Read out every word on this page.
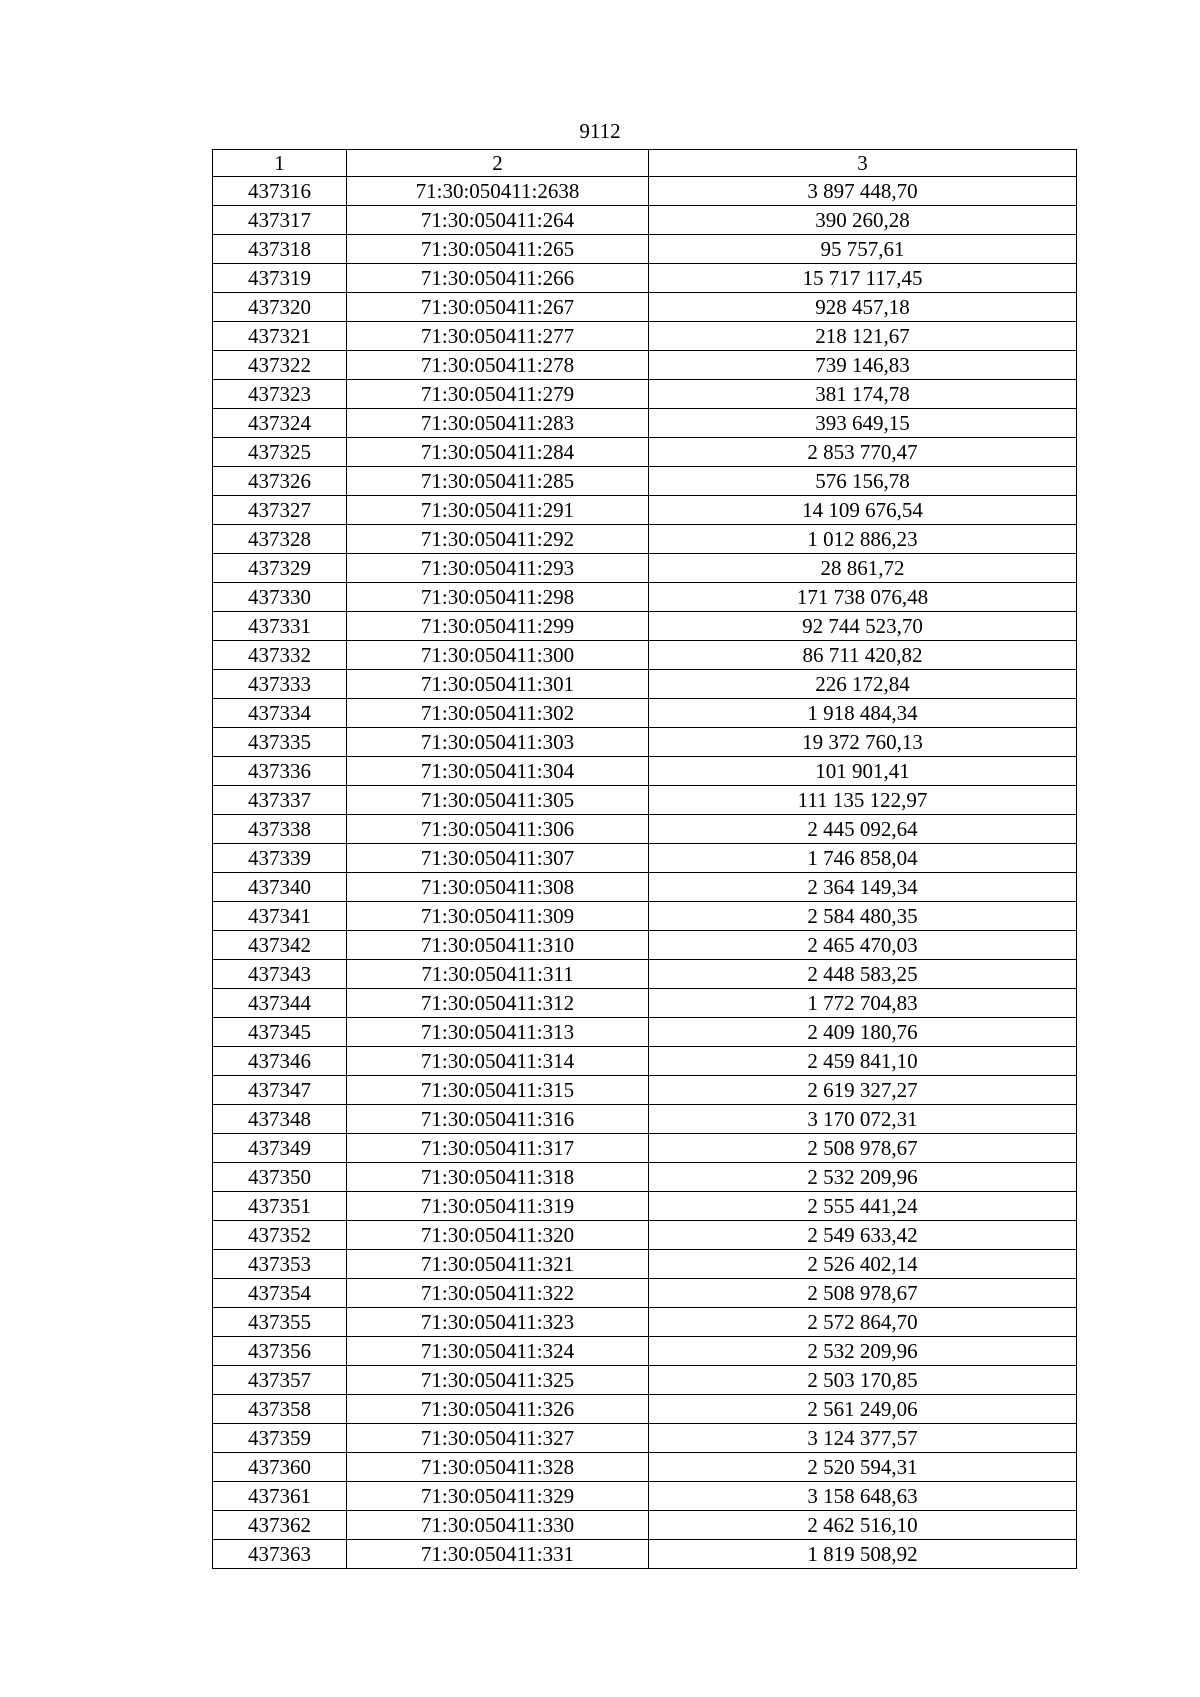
9112
1	2	3
437316	71:30:050411:2638	3 897 448,70
437317	71:30:050411:264	390 260,28
437318	71:30:050411:265	95 757,61
437319	71:30:050411:266	15 717 117,45
437320	71:30:050411:267	928 457,18
437321	71:30:050411:277	218 121,67
437322	71:30:050411:278	739 146,83
437323	71:30:050411:279	381 174,78
437324	71:30:050411:283	393 649,15
437325	71:30:050411:284	2 853 770,47
437326	71:30:050411:285	576 156,78
437327	71:30:050411:291	14 109 676,54
437328	71:30:050411:292	1 012 886,23
437329	71:30:050411:293	28 861,72
437330	71:30:050411:298	171 738 076,48
437331	71:30:050411:299	92 744 523,70
437332	71:30:050411:300	86 711 420,82
437333	71:30:050411:301	226 172,84
437334	71:30:050411:302	1 918 484,34
437335	71:30:050411:303	19 372 760,13
437336	71:30:050411:304	101 901,41
437337	71:30:050411:305	111 135 122,97
437338	71:30:050411:306	2 445 092,64
437339	71:30:050411:307	1 746 858,04
437340	71:30:050411:308	2 364 149,34
437341	71:30:050411:309	2 584 480,35
437342	71:30:050411:310	2 465 470,03
437343	71:30:050411:311	2 448 583,25
437344	71:30:050411:312	1 772 704,83
437345	71:30:050411:313	2 409 180,76
437346	71:30:050411:314	2 459 841,10
437347	71:30:050411:315	2 619 327,27
437348	71:30:050411:316	3 170 072,31
437349	71:30:050411:317	2 508 978,67
437350	71:30:050411:318	2 532 209,96
437351	71:30:050411:319	2 555 441,24
437352	71:30:050411:320	2 549 633,42
437353	71:30:050411:321	2 526 402,14
437354	71:30:050411:322	2 508 978,67
437355	71:30:050411:323	2 572 864,70
437356	71:30:050411:324	2 532 209,96
437357	71:30:050411:325	2 503 170,85
437358	71:30:050411:326	2 561 249,06
437359	71:30:050411:327	3 124 377,57
437360	71:30:050411:328	2 520 594,31
437361	71:30:050411:329	3 158 648,63
437362	71:30:050411:330	2 462 516,10
437363	71:30:050411:331	1 819 508,92
